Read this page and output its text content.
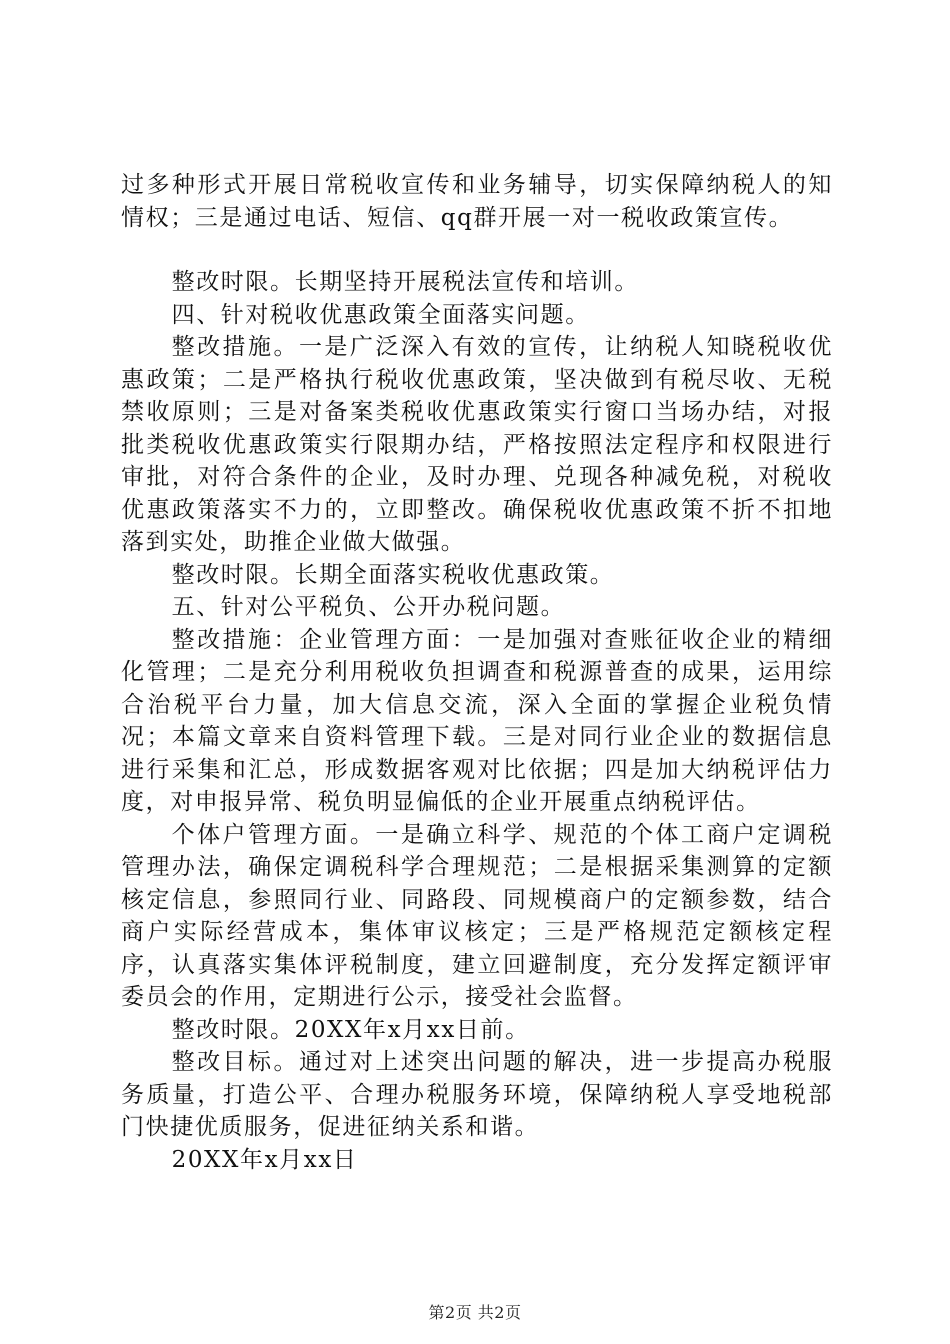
过多种形式开展日常税收宣传和业务辅导，切实保障纳税人的知情权；三是通过电话、短信、qq群开展一对一税收政策宣传。

整改时限。长期坚持开展税法宣传和培训。

四、针对税收优惠政策全面落实问题。

整改措施。一是广泛深入有效的宣传，让纳税人知晓税收优惠政策；二是严格执行税收优惠政策，坚决做到有税尽收、无税禁收原则；三是对备案类税收优惠政策实行窗口当场办结，对报批类税收优惠政策实行限期办结，严格按照法定程序和权限进行审批，对符合条件的企业，及时办理、兑现各种减免税，对税收优惠政策落实不力的，立即整改。确保税收优惠政策不折不扣地落到实处，助推企业做大做强。

整改时限。长期全面落实税收优惠政策。

五、针对公平税负、公开办税问题。

整改措施：企业管理方面：一是加强对查账征收企业的精细化管理；二是充分利用税收负担调查和税源普查的成果，运用综合治税平台力量，加大信息交流，深入全面的掌握企业税负情况；本篇文章来自资料管理下载。三是对同行业企业的数据信息进行采集和汇总，形成数据客观对比依据；四是加大纳税评估力度，对申报异常、税负明显偏低的企业开展重点纳税评估。

个体户管理方面。一是确立科学、规范的个体工商户定调税管理办法，确保定调税科学合理规范；二是根据采集测算的定额核定信息，参照同行业、同路段、同规模商户的定额参数，结合商户实际经营成本，集体审议核定；三是严格规范定额核定程序，认真落实集体评税制度，建立回避制度，充分发挥定额评审委员会的作用，定期进行公示，接受社会监督。

整改时限。20XX年x月xx日前。

整改目标。通过对上述突出问题的解决，进一步提高办税服务质量，打造公平、合理办税服务环境，保障纳税人享受地税部门快捷优质服务，促进征纳关系和谐。

20XX年x月xx日

第2页 共2页
